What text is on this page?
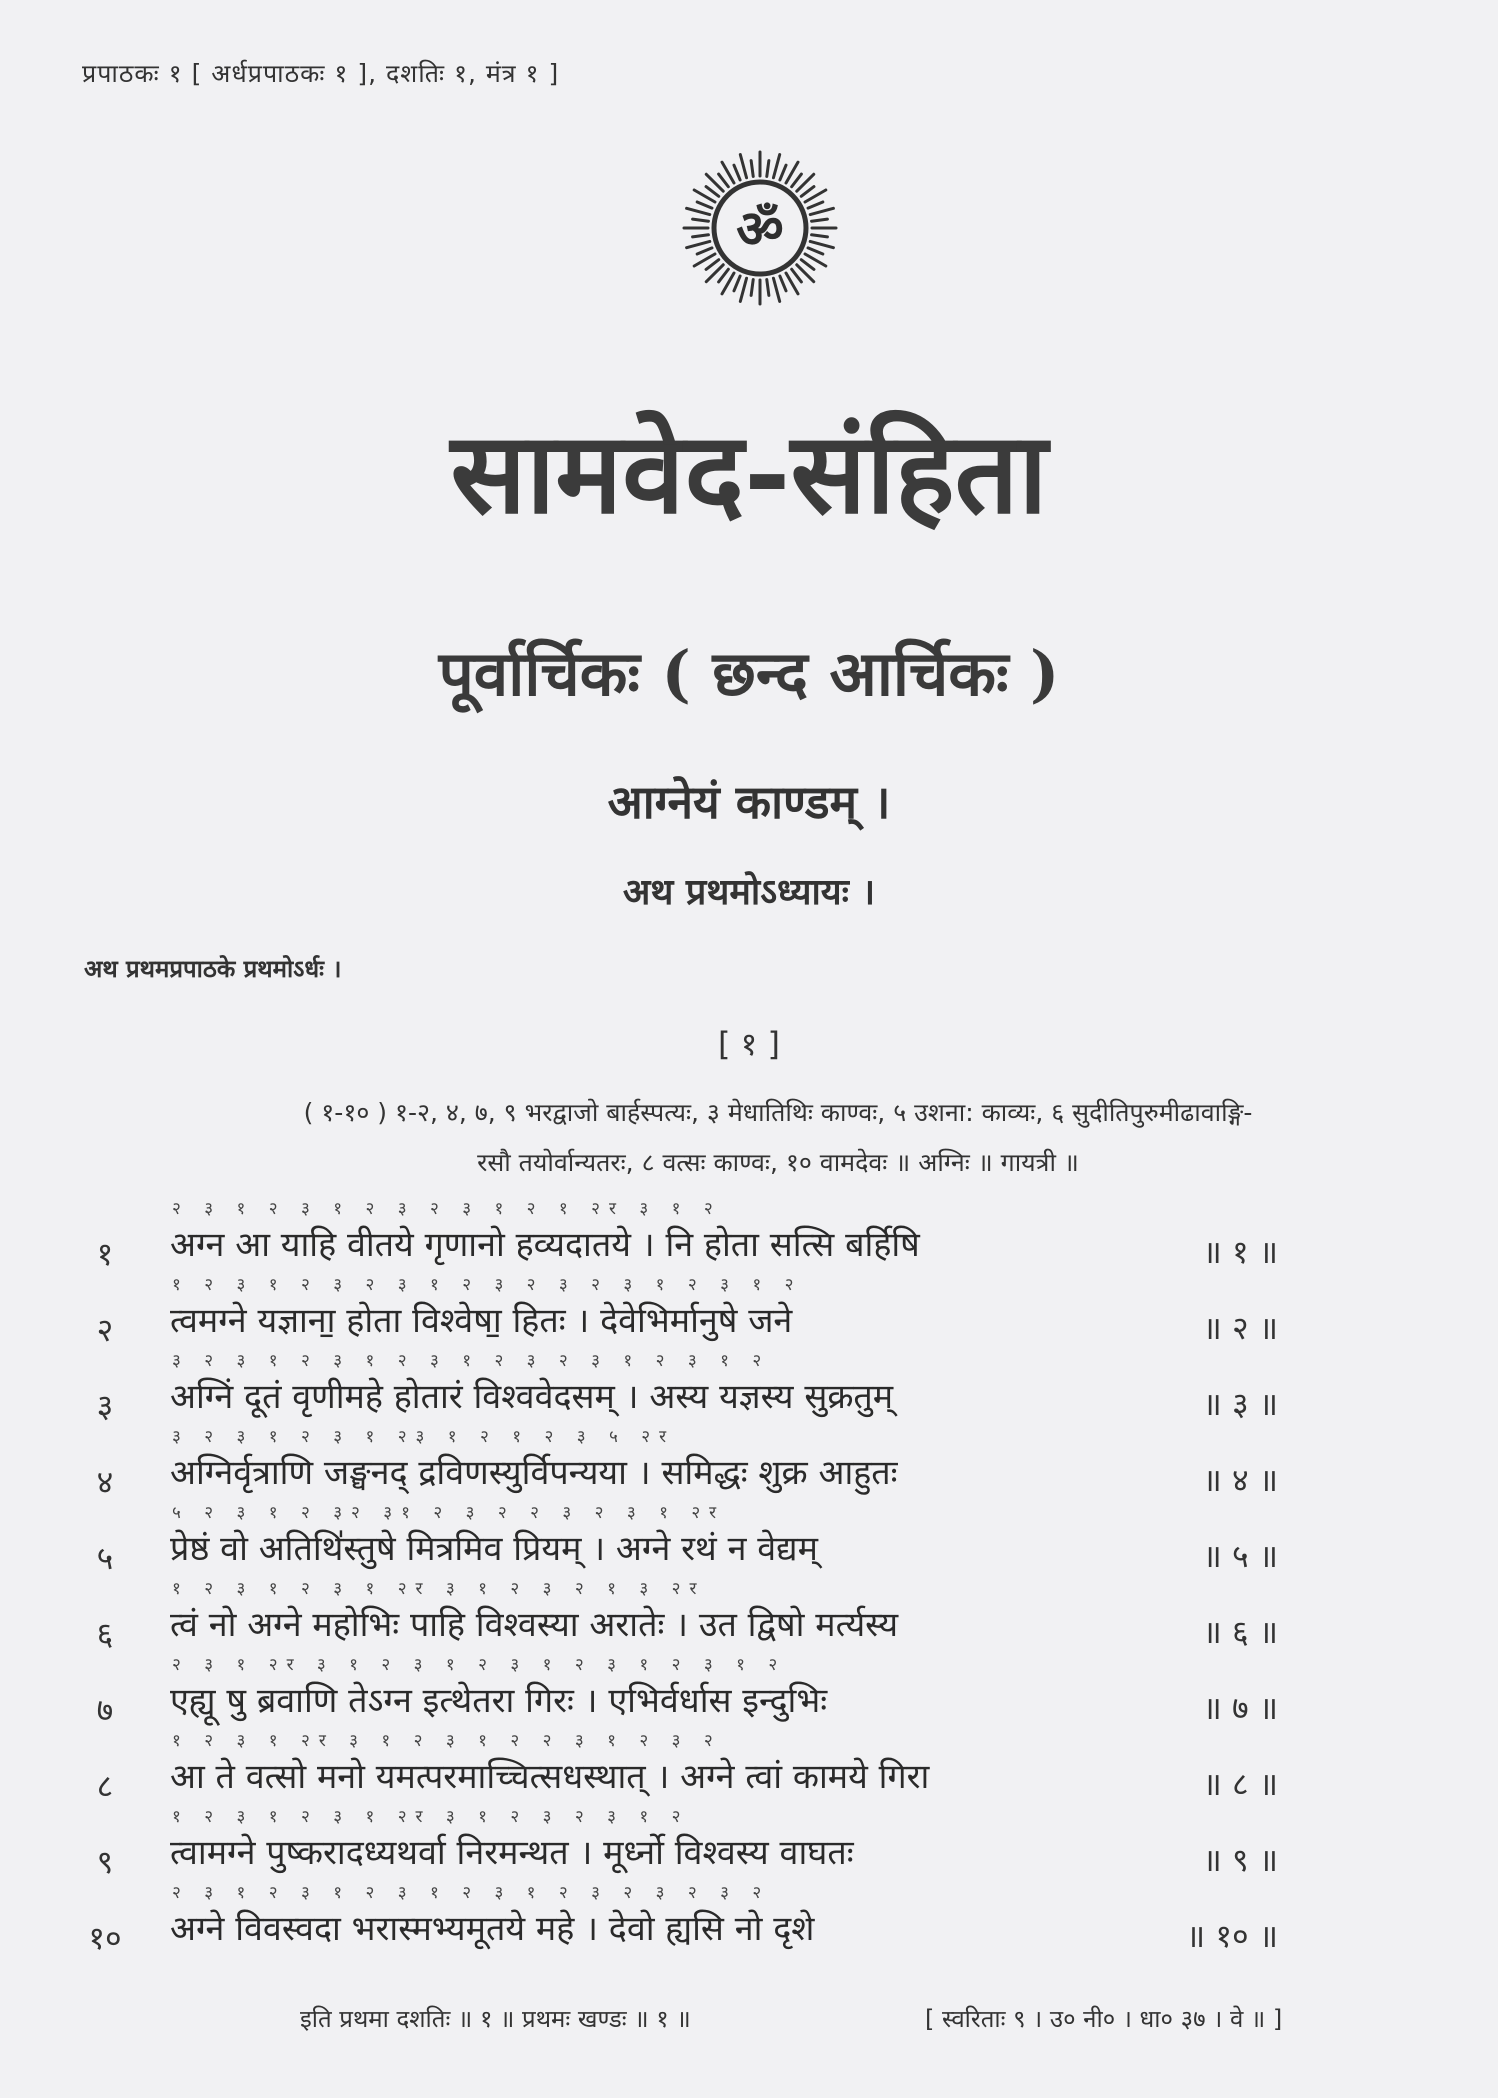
प्रपाठकः १ [ अर्धप्रपाठकः १ ], दशतिः १, मंत्र १ ]
ॐ
सामवेद-संहिता
पूर्वार्चिकः ( छन्द आर्चिकः )
आग्नेयं काण्डम् ।
अथ प्रथमोऽध्यायः ।
अथ प्रथमप्रपाठके प्रथमोऽर्धः ।
[ १ ]
( १-१० ) १-२, ४, ७, ९ भरद्वाजो बार्हस्पत्यः, ३ मेधातिथिः काण्वः, ५ उशना: काव्यः, ६ सुदीतिपुरुमीढावाङ्गि-
रसौ तयोर्वान्यतरः, ८ वत्सः काण्वः, १० वामदेवः ॥ अग्निः ॥ गायत्री ॥
१
२ ३ १ २ ३ १ २ ३ २ ३ १ २ १ २र ३ १ २
अग्न आ याहि वीतये गृणानो हव्यदातये । नि होता सत्सि बर्हिषि	॥ १ ॥
२
१ २ ३ १ २ ३ २ ३ १ २ ३ २ ३ २ ३ १ २ ३ १ २
त्वमग्ने यज्ञाना॒ होता विश्वेषा॒ हितः । देवेभिर्मानुषे जने	॥ २ ॥
३
३ २ ३ १ २ ३ १ २ ३ १ २ ३ २ ३ १ २ ३ १ २
अग्निं दूतं वृणीमहे होतारं विश्ववेदसम् । अस्य यज्ञस्य सुक्रतुम्	॥ ३ ॥
४
३ २ ३ १ २ ३ १ २३ १ २ १ २ ३ ५ २र
अग्निर्वृत्राणि जङ्घनद् द्रविणस्युर्विपन्यया । समिद्धः शुक्र आहुतः	॥ ४ ॥
५
५ २ ३ १ २ ३२ ३१ २ ३ २ २ ३ २ ३ १ २र
प्रेष्ठं वो अतिथि॑स्तुषे मित्रमिव प्रियम् । अग्ने रथं न वेद्यम्	॥ ५ ॥
६
१ २ ३ १ २ ३ १ २र ३ १ २ ३ २ १ ३ २र
त्वं नो अग्ने महोभिः पाहि विश्वस्या अरातेः । उत द्विषो मर्त्यस्य	॥ ६ ॥
७
२ ३ १ २र ३ १ २ ३ १ २ ३ १ २ ३ १ २ ३ १ २
एह्यू षु ब्रवाणि तेऽग्न इत्थेतरा गिरः । एभिर्वर्धास इन्दुभिः	॥ ७ ॥
८
१ २ ३ १ २र ३ १ २ ३ १ २ २ ३ १ २ ३ २
आ ते वत्सो मनो यमत्परमाच्चित्सधस्थात् । अग्ने त्वां कामये गिरा	॥ ८ ॥
९
१ २ ३ १ २ ३ १ २र ३ १ २ ३ २ ३ १ २
त्वामग्ने पुष्करादध्यथर्वा निरमन्थत । मूर्ध्नो विश्वस्य वाघतः	॥ ९ ॥
१०
२ ३ १ २ ३ १ २ ३ १ २ ३ १ २ ३ २ ३ २ ३ २
अग्ने विवस्वदा भरास्मभ्यमूतये महे । देवो ह्यसि नो दृशे	॥ १० ॥
इति प्रथमा दशतिः ॥ १ ॥ प्रथमः खण्डः ॥ १ ॥	[ स्वरिताः ९ । उ० नी० । धा० ३७ । वे ॥ ]
